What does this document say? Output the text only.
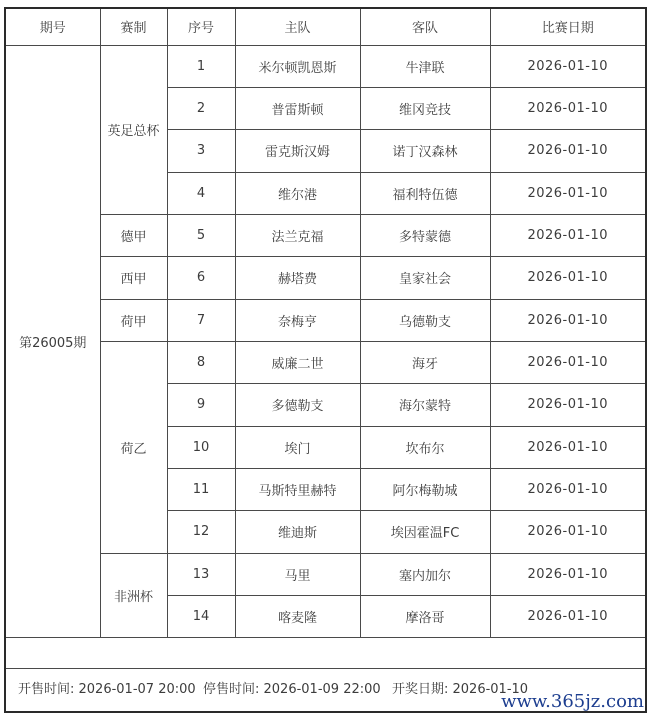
期号	赛制	序号	主队	客队	比赛日期
第26005期	英足总杯	1	米尔顿凯恩斯	牛津联	2026-01-10
		2	普雷斯顿	维冈竞技	2026-01-10
		3	雷克斯汉姆	诺丁汉森林	2026-01-10
		4	维尔港	福利特伍德	2026-01-10
	德甲	5	法兰克福	多特蒙德	2026-01-10
	西甲	6	赫塔费	皇家社会	2026-01-10
	荷甲	7	奈梅亨	乌德勒支	2026-01-10
	荷乙	8	威廉二世	海牙	2026-01-10
		9	多德勒支	海尔蒙特	2026-01-10
		10	埃门	坎布尔	2026-01-10
		11	马斯特里赫特	阿尔梅勒城	2026-01-10
		12	维迪斯	埃因霍温FC	2026-01-10
	非洲杯	13	马里	塞内加尔	2026-01-10
		14	喀麦隆	摩洛哥	2026-01-10

开售时间: 2026-01-07 20:00 停售时间: 2026-01-09 22:00 开奖日期: 2026-01-10
www.365jz.com					
